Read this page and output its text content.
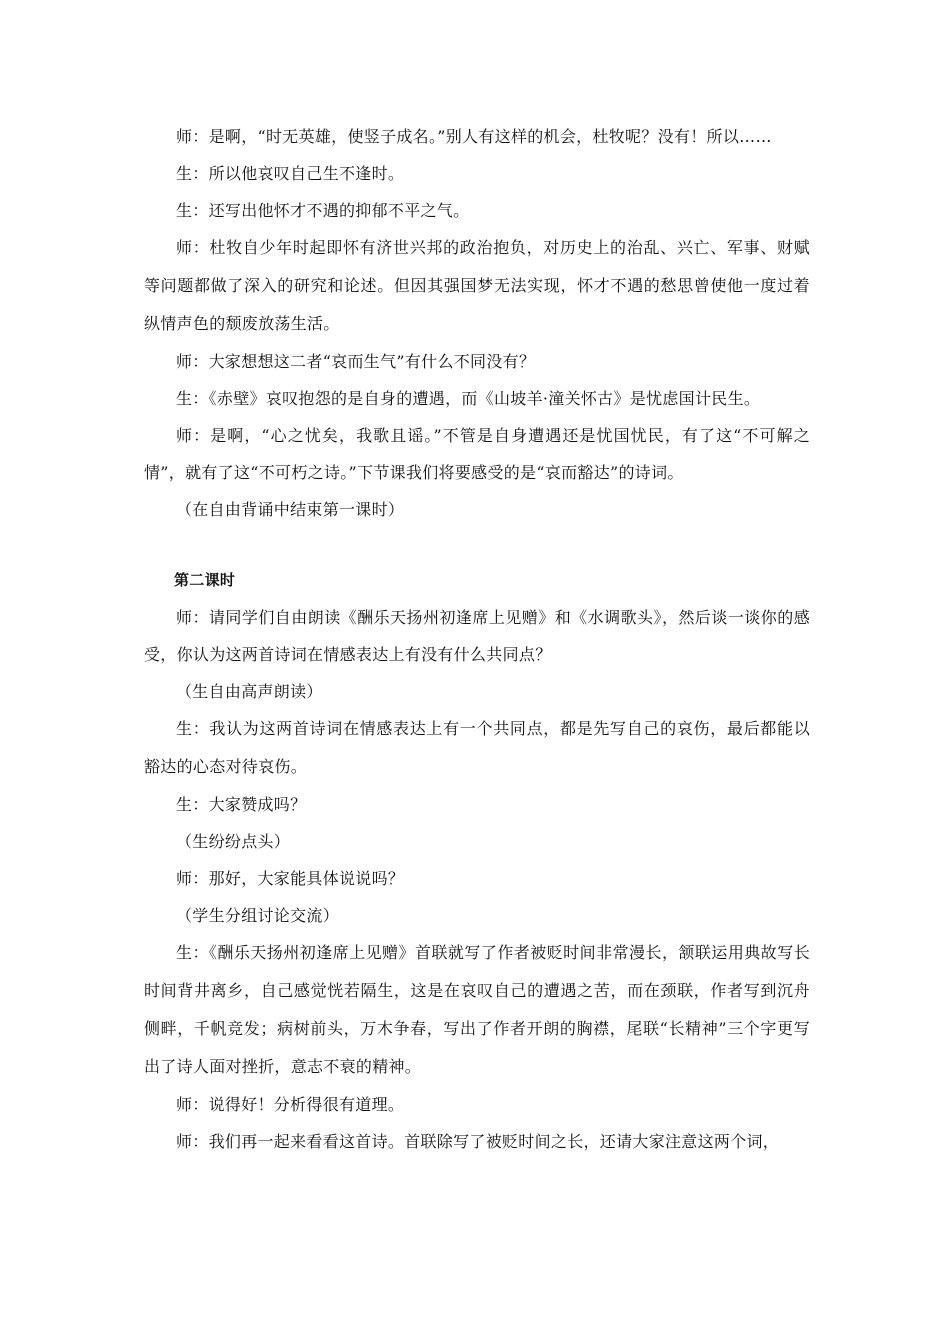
师：是啊，“时无英雄，使竖子成名。”别人有这样的机会，杜牧呢？没有！所以……

生：所以他哀叹自己生不逢时。

生：还写出他怀才不遇的抑郁不平之气。

师：杜牧自少年时起即怀有济世兴邦的政治抱负，对历史上的治乱、兴亡、军事、财赋等问题都做了深入的研究和论述。但因其强国梦无法实现，怀才不遇的愁思曾使他一度过着纵情声色的颓废放荡生活。

师：大家想想这二者“哀而生气”有什么不同没有？

生：《赤壁》哀叹抱怨的是自身的遭遇，而《山坡羊·潼关怀古》是忧虑国计民生。

师：是啊，“心之忧矣，我歌且谣。”不管是自身遭遇还是忧国忧民，有了这“不可解之情”，就有了这“不可朽之诗。”下节课我们将要感受的是“哀而豁达”的诗词。

（在自由背诵中结束第一课时）

第二课时

师：请同学们自由朗读《酬乐天扬州初逢席上见赠》和《水调歌头》，然后谈一谈你的感受，你认为这两首诗词在情感表达上有没有什么共同点？

（生自由高声朗读）

生：我认为这两首诗词在情感表达上有一个共同点，都是先写自己的哀伤，最后都能以豁达的心态对待哀伤。

生：大家赞成吗？

（生纷纷点头）

师：那好，大家能具体说说吗？

（学生分组讨论交流）

生：《酬乐天扬州初逢席上见赠》首联就写了作者被贬时间非常漫长，颔联运用典故写长时间背井离乡，自己感觉恍若隔生，这是在哀叹自己的遭遇之苦，而在颈联，作者写到沉舟侧畔，千帆竞发；病树前头，万木争春，写出了作者开朗的胸襟，尾联“长精神”三个字更写出了诗人面对挫折，意志不衰的精神。

师：说得好！分析得很有道理。

师：我们再一起来看看这首诗。首联除写了被贬时间之长，还请大家注意这两个词，
